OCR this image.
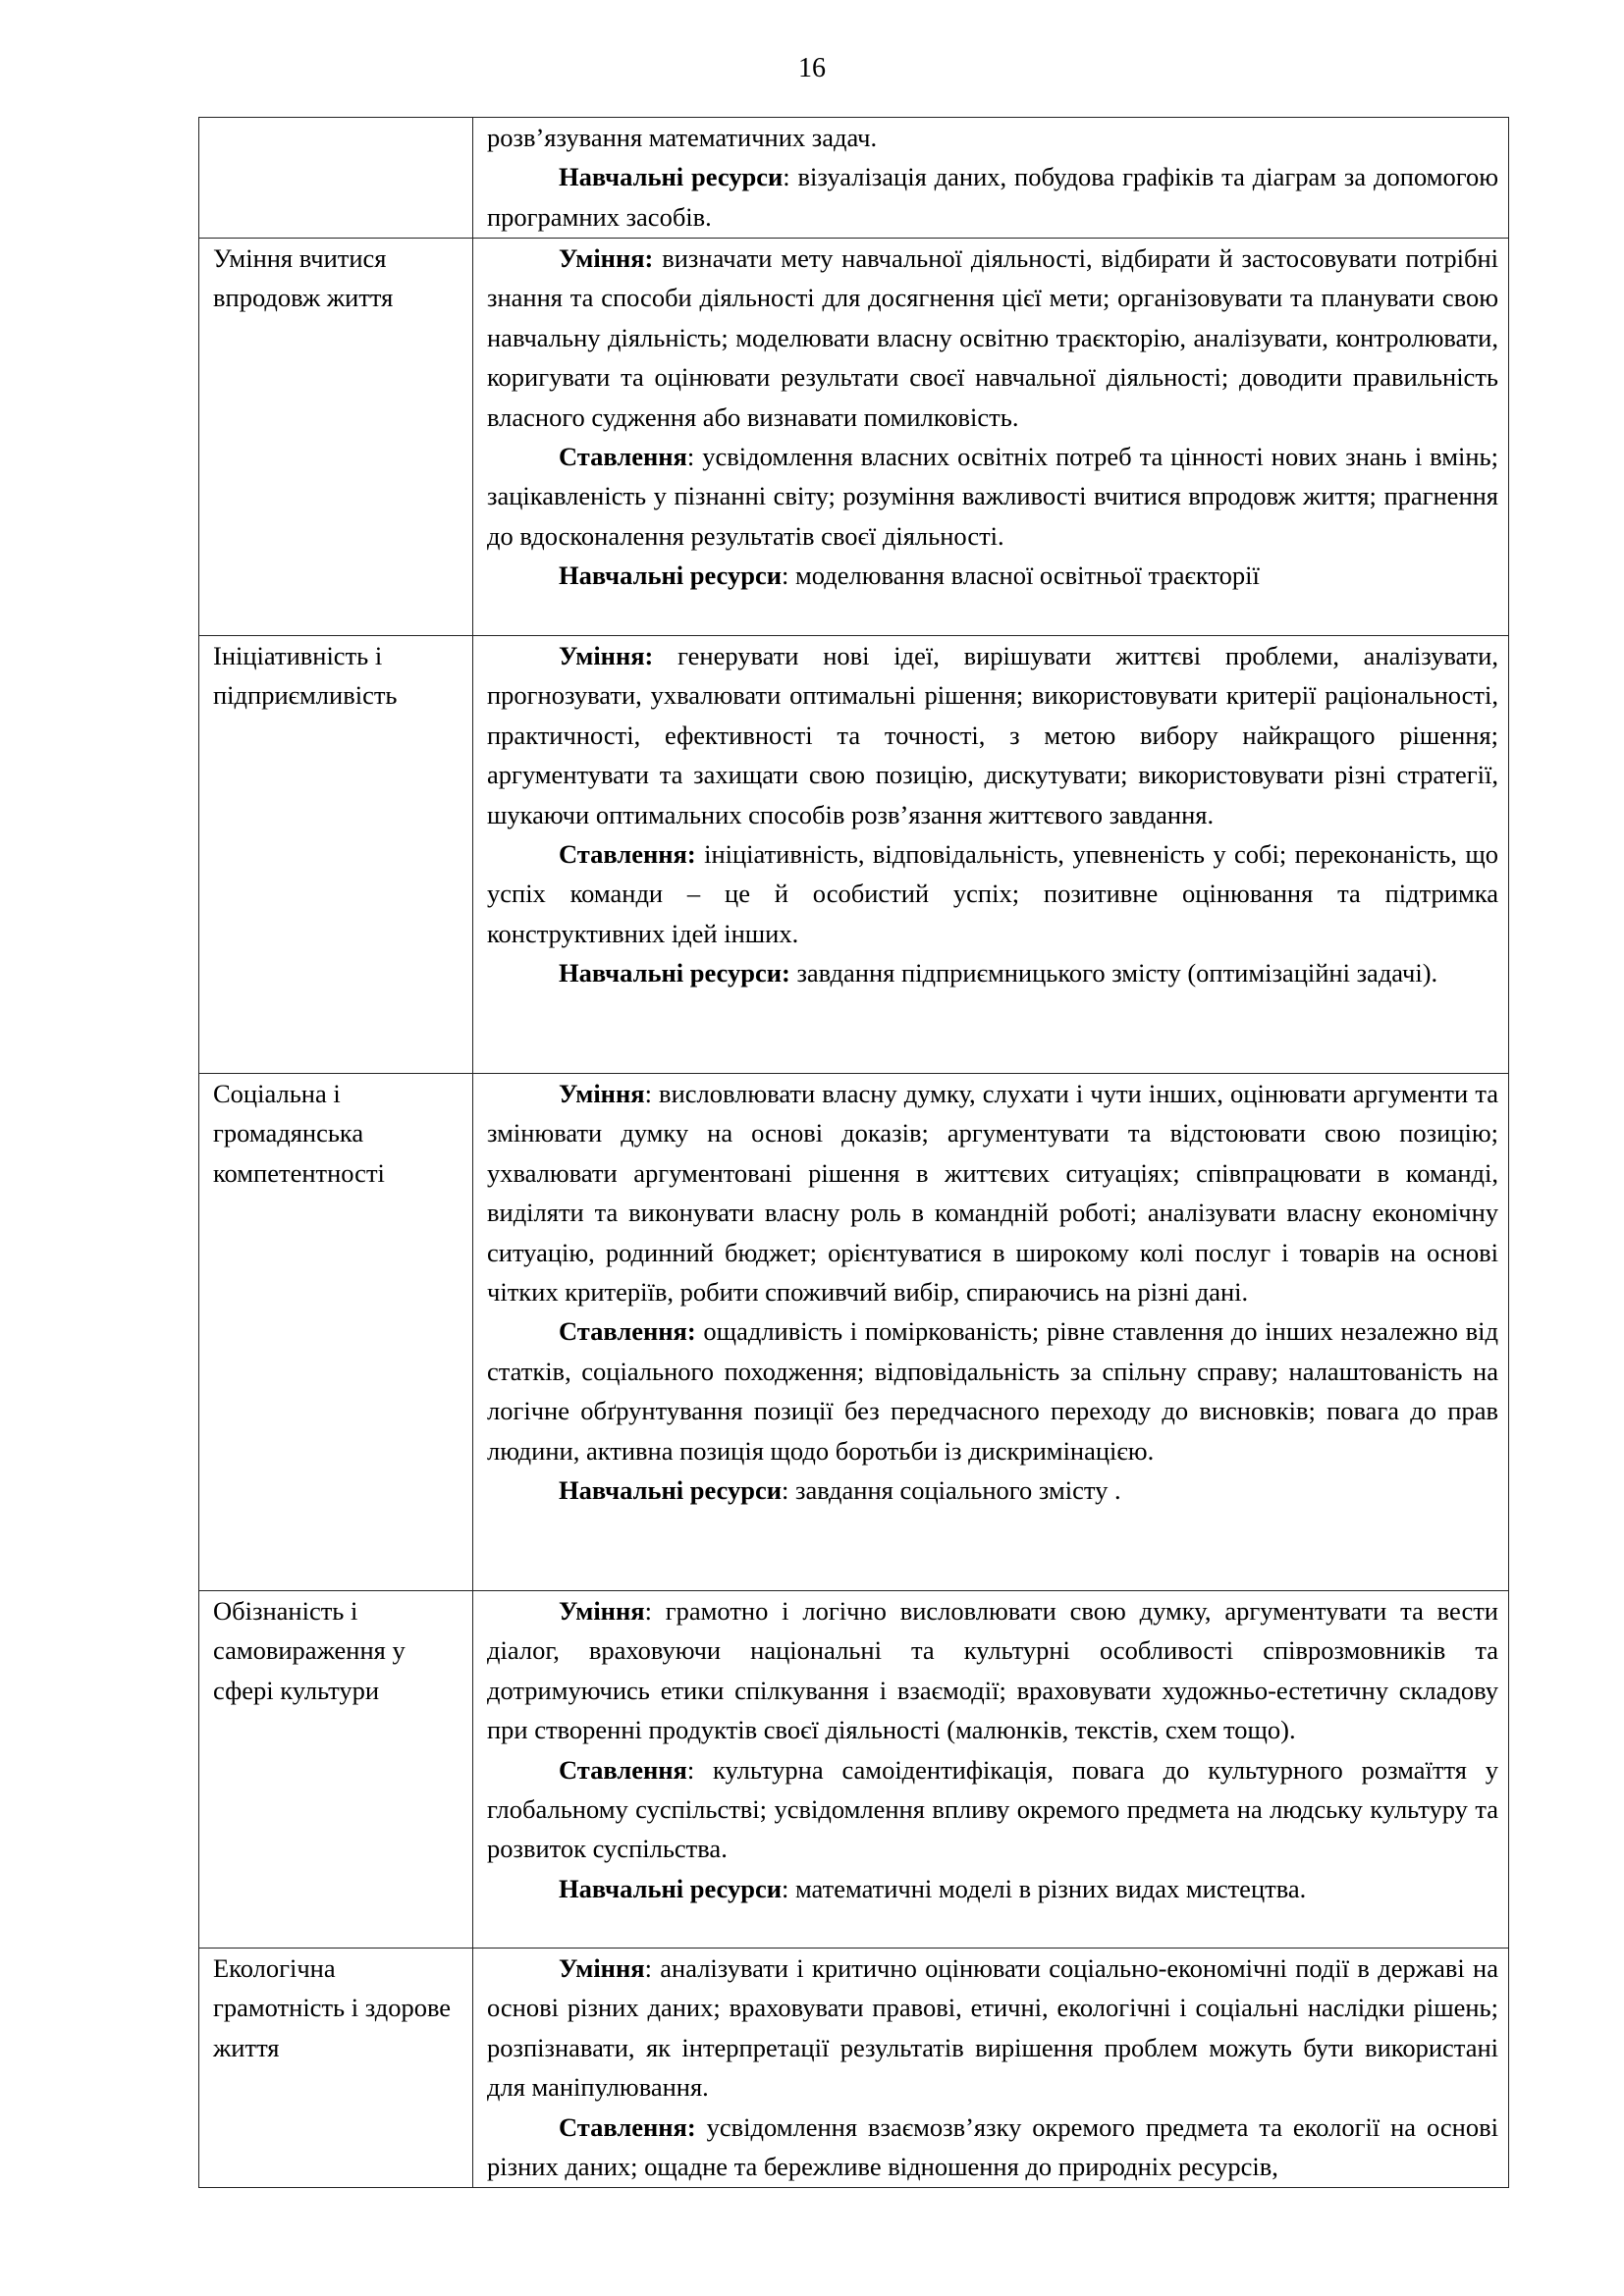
16

	розв’язування математичних задач.

Навчальні ресурси: візуалізація даних, побудова графіків та діаграм за допомогою програмних засобів.

Уміння вчитися впродовж життя	Уміння: визначати мету навчальної діяльності, відбирати й застосовувати потрібні знання та способи діяльності для досягнення цієї мети; організовувати та планувати свою навчальну діяльність; моделювати власну освітню траєкторію, аналізувати, контролювати, коригувати та оцінювати результати своєї навчальної діяльності; доводити правильність власного судження або визнавати помилковість.

Ставлення: усвідомлення власних освітніх потреб та цінності нових знань і вмінь; зацікавленість у пізнанні світу; розуміння важливості вчитися впродовж життя; прагнення до вдосконалення результатів своєї діяльності.

Навчальні ресурси: моделювання власної освітньої траєкторії

Ініціативність і підприємливість	Уміння: генерувати нові ідеї, вирішувати життєві проблеми, аналізувати, прогнозувати, ухвалювати оптимальні рішення; використовувати критерії раціональності, практичності, ефективності та точності, з метою вибору найкращого рішення; аргументувати та захищати свою позицію, дискутувати; використовувати різні стратегії, шукаючи оптимальних способів розв’язання життєвого завдання.

Ставлення: ініціативність, відповідальність, упевненість у собі; переконаність, що успіх команди – це й особистий успіх; позитивне оцінювання та підтримка конструктивних ідей інших.

Навчальні ресурси: завдання підприємницького змісту (оптимізаційні задачі).

Соціальна і громадянська компетентності	Уміння: висловлювати власну думку, слухати і чути інших, оцінювати аргументи та змінювати думку на основі доказів; аргументувати та відстоювати свою позицію; ухвалювати аргументовані рішення в життєвих ситуаціях; співпрацювати в команді, виділяти та виконувати власну роль в командній роботі; аналізувати власну економічну ситуацію, родинний бюджет; орієнтуватися в широкому колі послуг і товарів на основі чітких критеріїв, робити споживчий вибір, спираючись на різні дані.

Ставлення: ощадливість і поміркованість; рівне ставлення до інших незалежно від статків, соціального походження; відповідальність за спільну справу; налаштованість на логічне обґрунтування позиції без передчасного переходу до висновків; повага до прав людини, активна позиція щодо боротьби із дискримінацією.

Навчальні ресурси: завдання соціального змісту .

Обізнаність і самовираження у сфері культури	Уміння: грамотно і логічно висловлювати свою думку, аргументувати та вести діалог, враховуючи національні та культурні особливості співрозмовників та дотримуючись етики спілкування і взаємодії; враховувати художньо-естетичну складову при створенні продуктів своєї діяльності (малюнків, текстів, схем тощо).

Ставлення: культурна самоідентифікація, повага до культурного розмаїття у глобальному суспільстві; усвідомлення впливу окремого предмета на людську культуру та розвиток суспільства.

Навчальні ресурси: математичні моделі в різних видах мистецтва.

Екологічна грамотність і здорове життя	Уміння: аналізувати і критично оцінювати соціально-економічні події в державі на основі різних даних; враховувати правові, етичні, екологічні і соціальні наслідки рішень; розпізнавати, як інтерпретації результатів вирішення проблем можуть бути використані для маніпулювання.

Ставлення: усвідомлення взаємозв’язку окремого предмета та екології на основі різних даних; ощадне та бережливе відношення до природніх ресурсів,
